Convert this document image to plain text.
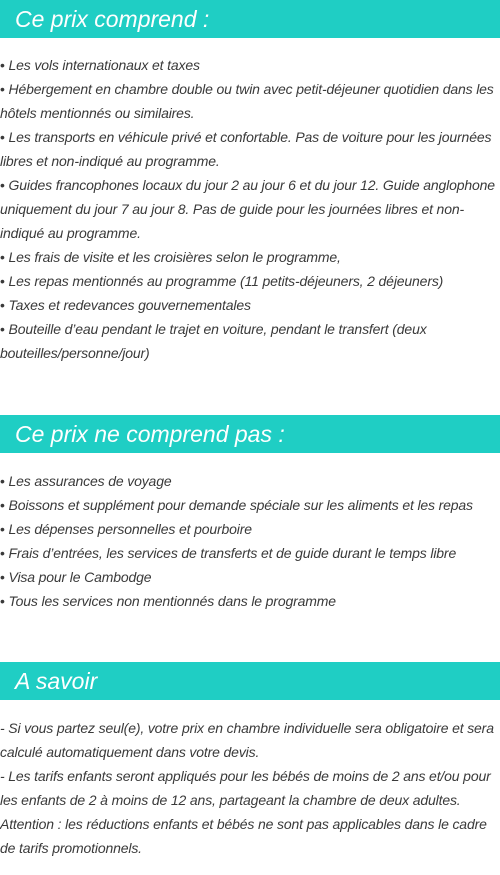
Ce prix comprend :
• Les vols internationaux et taxes
• Hébergement en chambre double ou twin avec petit-déjeuner quotidien dans les hôtels mentionnés ou similaires.
• Les transports en véhicule privé et confortable. Pas de voiture pour les journées libres et non-indiqué au programme.
• Guides francophones locaux du jour 2 au jour 6 et du jour 12. Guide anglophone uniquement du jour 7 au jour 8. Pas de guide pour les journées libres et non-indiqué au programme.
• Les frais de visite et les croisières selon le programme,
• Les repas mentionnés au programme (11 petits-déjeuners, 2 déjeuners)
• Taxes et redevances gouvernementales
• Bouteille d’eau pendant le trajet en voiture, pendant le transfert (deux bouteilles/personne/jour)
Ce prix ne comprend pas :
• Les assurances de voyage
• Boissons et supplément pour demande spéciale sur les aliments et les repas
• Les dépenses personnelles et pourboire
• Frais d’entrées, les services de transferts et de guide durant le temps libre
• Visa pour le Cambodge
• Tous les services non mentionnés dans le programme
A savoir
- Si vous partez seul(e), votre prix en chambre individuelle sera obligatoire et sera calculé automatiquement dans votre devis.
- Les tarifs enfants seront appliqués pour les bébés de moins de 2 ans et/ou pour les enfants de 2 à moins de 12 ans, partageant la chambre de deux adultes.
Attention : les réductions enfants et bébés ne sont pas applicables dans le cadre de tarifs promotionnels.
